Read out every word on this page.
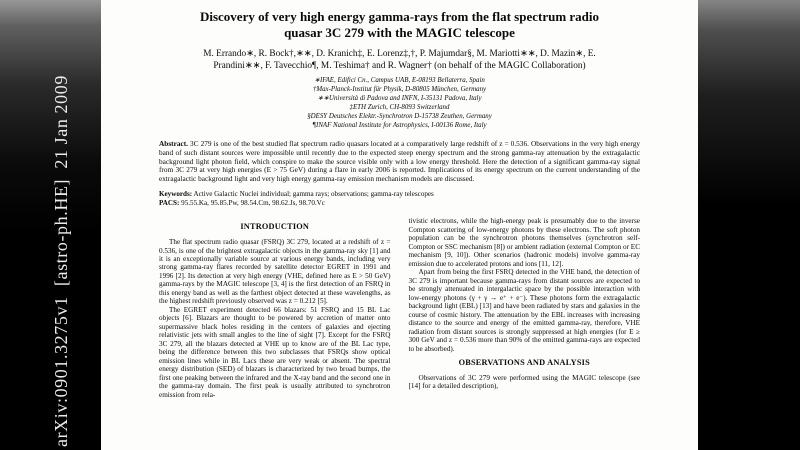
arXiv:0901.3275v1  [astro-ph.HE]  21 Jan 2009
Discovery of very high energy gamma-rays from the flat spectrum radio quasar 3C 279 with the MAGIC telescope
M. Errando∗, R. Bock†,∗∗, D. Kranich‡, E. Lorenz‡,†, P. Majumdar§, M. Mariotti∗∗, D. Mazin∗, E. Prandini∗∗, F. Tavecchio¶, M. Teshima† and R. Wagner† (on behalf of the MAGIC Collaboration)
∗IFAE, Edifici Cn., Campus UAB, E-08193 Bellaterra, Spain
†Max-Planck-Institut für Physik, D-80805 München, Germany
∗∗Università di Padova and INFN, I-35131 Padova, Italy
‡ETH Zurich, CH-8093 Switzerland
§DESY Deutsches Elektr.-Synchrotron D-15738 Zeuthen, Germany
¶INAF National Institute for Astrophysics, I-00136 Rome, Italy

Abstract. 3C 279 is one of the best studied flat spectrum radio quasars located at a comparatively large redshift of z = 0.536. Observations in the very high energy band of such distant sources were impossible until recently due to the expected steep energy spectrum and the strong gamma-ray attenuation by the extragalactic background light photon field, which conspire to make the source visible only with a low energy threshold. Here the detection of a significant gamma-ray signal from 3C 279 at very high energies (E > 75 GeV) during a flare in early 2006 is reported. Implications of its energy spectrum on the current understanding of the extragalactic background light and very high energy gamma-ray emission mechanism models are discussed.

Keywords: Active Galactic Nuclei individual; gamma rays; observations; gamma-ray telescopes
PACS: 95.55.Ka, 95.85.Pw, 98.54.Cm, 98.62.Js, 98.70.Vc
INTRODUCTION

The flat spectrum radio quasar (FSRQ) 3C 279, located at a redshift of z = 0.536, is one of the brightest extragalactic objects in the gamma-ray sky [1] and it is an exceptionally variable source at various energy bands, including very strong gamma-ray flares recorded by satellite detector EGRET in 1991 and 1996 [2]. Its detection at very high energy (VHE, defined here as E > 50 GeV) gamma-rays by the MAGIC telescope [3, 4] is the first detection of an FSRQ in this energy band as well as the farthest object detected at these wavelengths, as the highest redshift previously observed was z = 0.212 [5].

The EGRET experiment detected 66 blazars: 51 FSRQ and 15 BL Lac objects [6]. Blazars are thought to be powered by accretion of matter onto supermassive black holes residing in the centers of galaxies and ejecting relativistic jets with small angles to the line of sight [7]. Except for the FSRQ 3C 279, all the blazars detected at VHE up to know are of the BL Lac type, being the difference between this two subclasses that FSRQs show optical emission lines while in BL Lacs these are very weak or absent. The spectral energy distribution (SED) of blazars is characterized by two broad bumps, the first one peaking between the infrared and the X-ray band and the second one in the gamma-ray domain. The first peak is usually attributed to synchrotron emission from rela-

tivistic electrons, while the high-energy peak is presumably due to the inverse Compton scattering of low-energy photons by these electrons. The soft photon population can be the synchrotron photons themselves (synchrotron self-Compton or SSC mechanism [8]) or ambient radiation (external Compton or EC mechanism [9, 10]). Other scenarios (hadronic models) involve gamma-ray emission due to accelerated protons and ions [11, 12].

Apart from being the first FSRQ detected in the VHE band, the detection of 3C 279 is important because gamma-rays from distant sources are expected to be strongly attenuated in intergalactic space by the possible interaction with low-energy photons (γ + γ → e⁺ + e⁻). These photons form the extragalactic background light (EBL) [13] and have been radiated by stars and galaxies in the course of cosmic history. The attenuation by the EBL increases with increasing distance to the source and energy of the emitted gamma-ray, therefore, VHE radiation from distant sources is strongly suppressed at high energies (for E ≥ 300 GeV and z = 0.536 more than 90% of the emitted gamma-rays are expected to be absorbed).

OBSERVATIONS AND ANALYSIS

Observations of 3C 279 were performed using the MAGIC telescope (see [14] for a detailed description),
